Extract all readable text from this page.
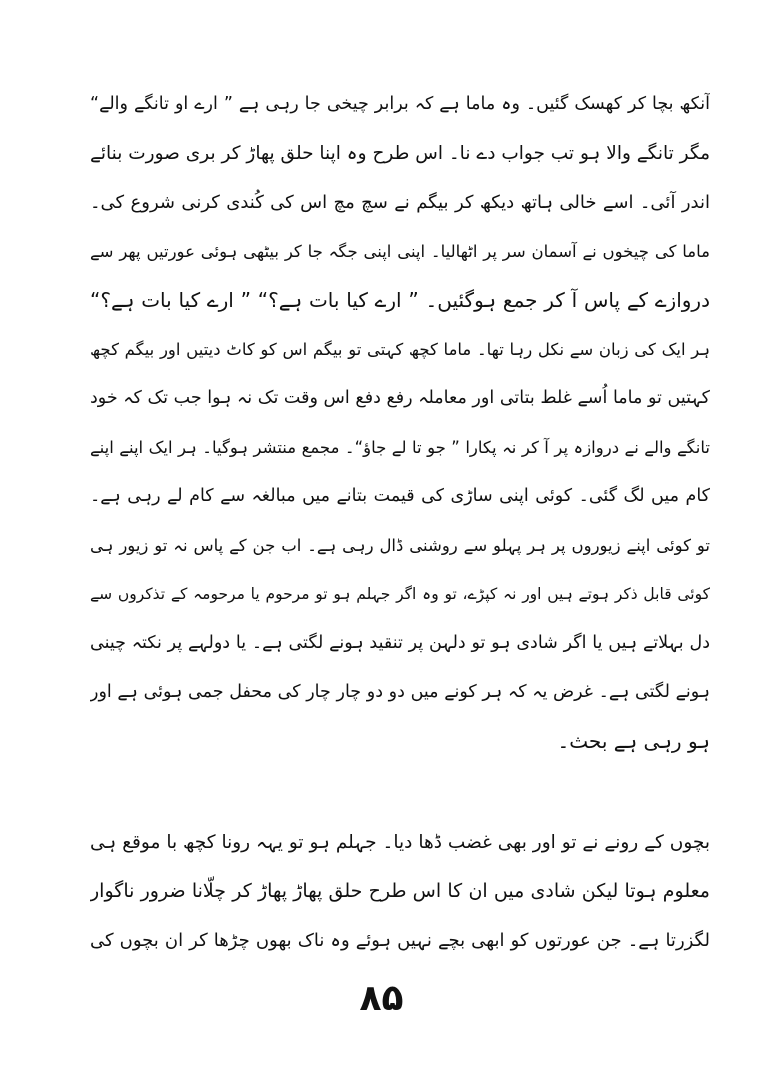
آنکھ بچا کر کھسک گئیں۔ وہ ماما ہے کہ برابر چیخی جا رہی ہے ” ارے او تانگے والے“
مگر تانگے والا ہو تب جواب دے نا۔ اس طرح وہ اپنا حلق پھاڑ کر بری صورت بنائے
اندر آئی۔ اسے خالی ہاتھ دیکھ کر بیگم نے سچ مچ اس کی کُندی کرنی شروع کی۔
ماما کی چیخوں نے آسمان سر پر اٹھالیا۔ اپنی اپنی جگہ جا کر بیٹھی ہوئی عورتیں پھر سے
دروازے کے پاس آ کر جمع ہوگئیں۔ ” ارے کیا بات ہے؟“ ” ارے کیا بات ہے؟“
ہر ایک کی زبان سے نکل رہا تھا۔ ماما کچھ کہتی تو بیگم اس کو کاٹ دیتیں اور بیگم کچھ
کہتیں تو ماما اُسے غلط بتاتی اور معاملہ رفع دفع اس وقت تک نہ ہوا جب تک کہ خود
تانگے والے نے دروازہ پر آ کر نہ پکارا ” جو تا لے جاؤ“۔ مجمع منتشر ہوگیا۔ ہر ایک اپنے اپنے
کام میں لگ گئی۔ کوئی اپنی ساڑی کی قیمت بتانے میں مبالغہ سے کام لے رہی ہے۔
تو کوئی اپنے زیوروں پر ہر پہلو سے روشنی ڈال رہی ہے۔ اب جن کے پاس نہ تو زیور ہی
کوئی قابل ذکر ہوتے ہیں اور نہ کپڑے، تو وہ اگر جہلم ہو تو مرحوم یا مرحومہ کے تذکروں سے
دل بہلاتے ہیں یا اگر شادی ہو تو دلہن پر تنقید ہونے لگتی ہے۔ یا دولہے پر نکتہ چینی
ہونے لگتی ہے۔ غرض یہ کہ ہر کونے میں دو دو چار چار کی محفل جمی ہوئی ہے اور
ہو رہی ہے بحث۔
بچوں کے رونے نے تو اور بھی غضب ڈھا دیا۔ جہلم ہو تو یہہ رونا کچھ با موقع ہی
معلوم ہوتا لیکن شادی میں ان کا اس طرح حلق پھاڑ پھاڑ کر چلّانا ضرور ناگوار
لگزرتا ہے۔ جن عورتوں کو ابھی بچے نہیں ہوئے وہ ناک بھوں چڑھا کر ان بچوں کی
۸۵
